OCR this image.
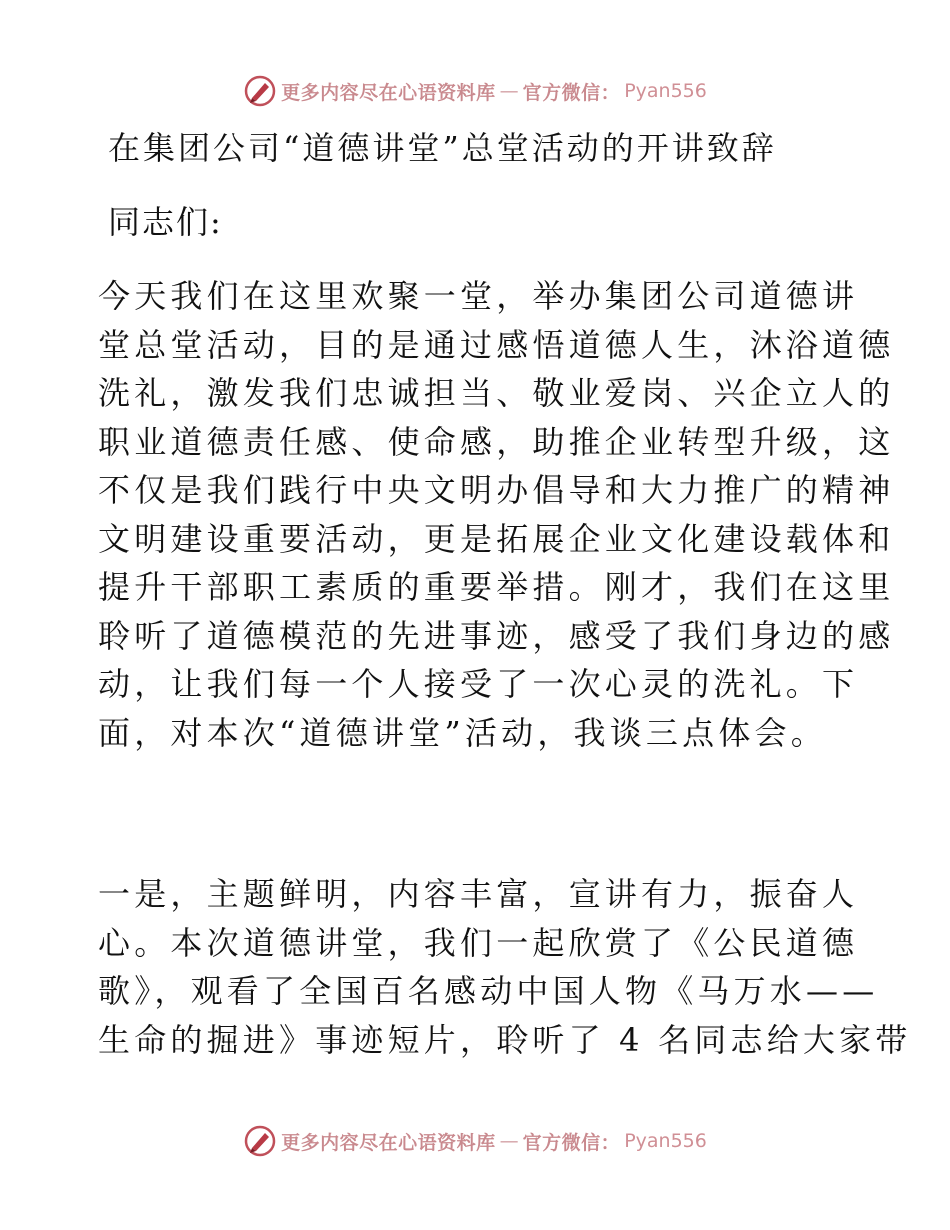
更多内容尽在心语资料库 — 官方微信： Pyan556
在集团公司“道德讲堂”总堂活动的开讲致辞
同志们:
今天我们在这里欢聚一堂，举办集团公司道德讲
堂总堂活动，目的是通过感悟道德人生，沐浴道德
洗礼，激发我们忠诚担当、敬业爱岗、兴企立人的
职业道德责任感、使命感，助推企业转型升级，这
不仅是我们践行中央文明办倡导和大力推广的精神
文明建设重要活动，更是拓展企业文化建设载体和
提升干部职工素质的重要举措。刚才，我们在这里
聆听了道德模范的先进事迹，感受了我们身边的感
动，让我们每一个人接受了一次心灵的洗礼。下
面，对本次“道德讲堂”活动，我谈三点体会。
一是，主题鲜明，内容丰富，宣讲有力，振奋人
心。本次道德讲堂，我们一起欣赏了《公民道德
歌》，观看了全国百名感动中国人物《马万水——
生命的掘进》事迹短片，聆听了 4 名同志给大家带
更多内容尽在心语资料库 — 官方微信： Pyan556
